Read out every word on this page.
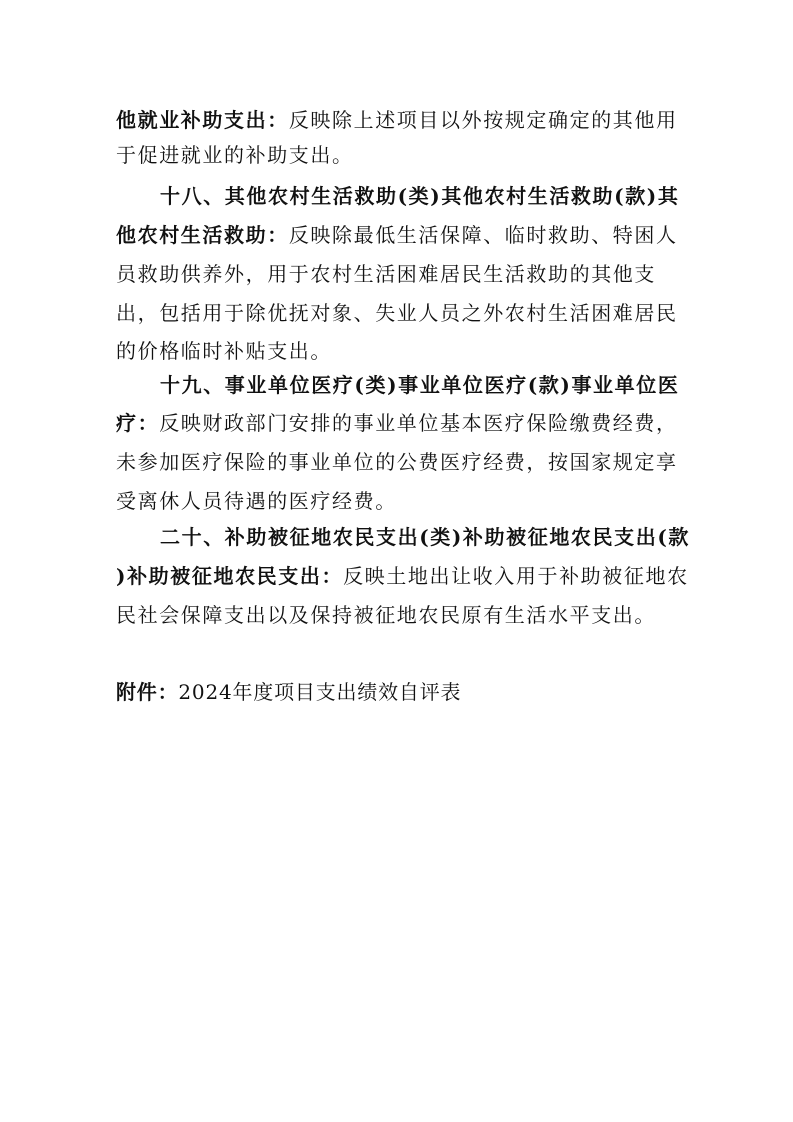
他就业补助支出：反映除上述项目以外按规定确定的其他用
于促进就业的补助支出。
十八、其他农村生活救助(类)其他农村生活救助(款)其
他农村生活救助：反映除最低生活保障、临时救助、特困人
员救助供养外，用于农村生活困难居民生活救助的其他支
出，包括用于除优抚对象、失业人员之外农村生活困难居民
的价格临时补贴支出。
十九、事业单位医疗(类)事业单位医疗(款)事业单位医
疗：反映财政部门安排的事业单位基本医疗保险缴费经费，
未参加医疗保险的事业单位的公费医疗经费，按国家规定享
受离休人员待遇的医疗经费。
二十、补助被征地农民支出(类)补助被征地农民支出(款
)补助被征地农民支出：反映土地出让收入用于补助被征地农
民社会保障支出以及保持被征地农民原有生活水平支出。
附件：2024年度项目支出绩效自评表
